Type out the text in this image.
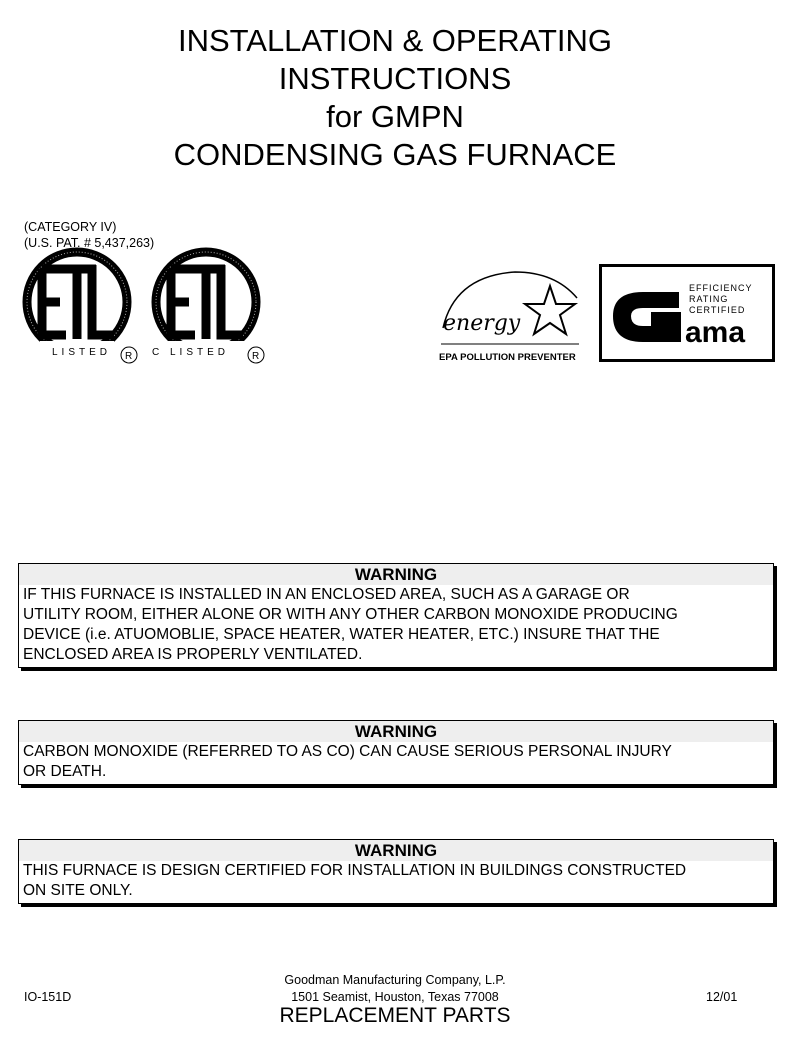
INSTALLATION & OPERATING
INSTRUCTIONS
for GMPN
CONDENSING GAS FURNACE
(CATEGORY IV)
(U.S. PAT. # 5,437,263)
LISTED R C LISTED R
energy
EPA POLLUTION PREVENTER
EFFICIENCY
RATING
CERTIFIED
ama
WARNING
IF THIS FURNACE IS INSTALLED IN AN ENCLOSED AREA, SUCH AS A GARAGE OR
UTILITY ROOM, EITHER ALONE OR WITH ANY OTHER CARBON MONOXIDE PRODUCING
DEVICE (i.e. ATUOMOBLIE, SPACE HEATER, WATER HEATER, ETC.) INSURE THAT THE
ENCLOSED AREA IS PROPERLY VENTILATED.
WARNING
CARBON MONOXIDE (REFERRED TO AS CO) CAN CAUSE SERIOUS PERSONAL INJURY
OR DEATH.
WARNING
THIS FURNACE IS DESIGN CERTIFIED FOR INSTALLATION IN BUILDINGS CONSTRUCTED
ON SITE ONLY.
IO-151D
Goodman Manufacturing Company, L.P.
1501 Seamist, Houston, Texas 77008	12/01
REPLACEMENT PARTS
